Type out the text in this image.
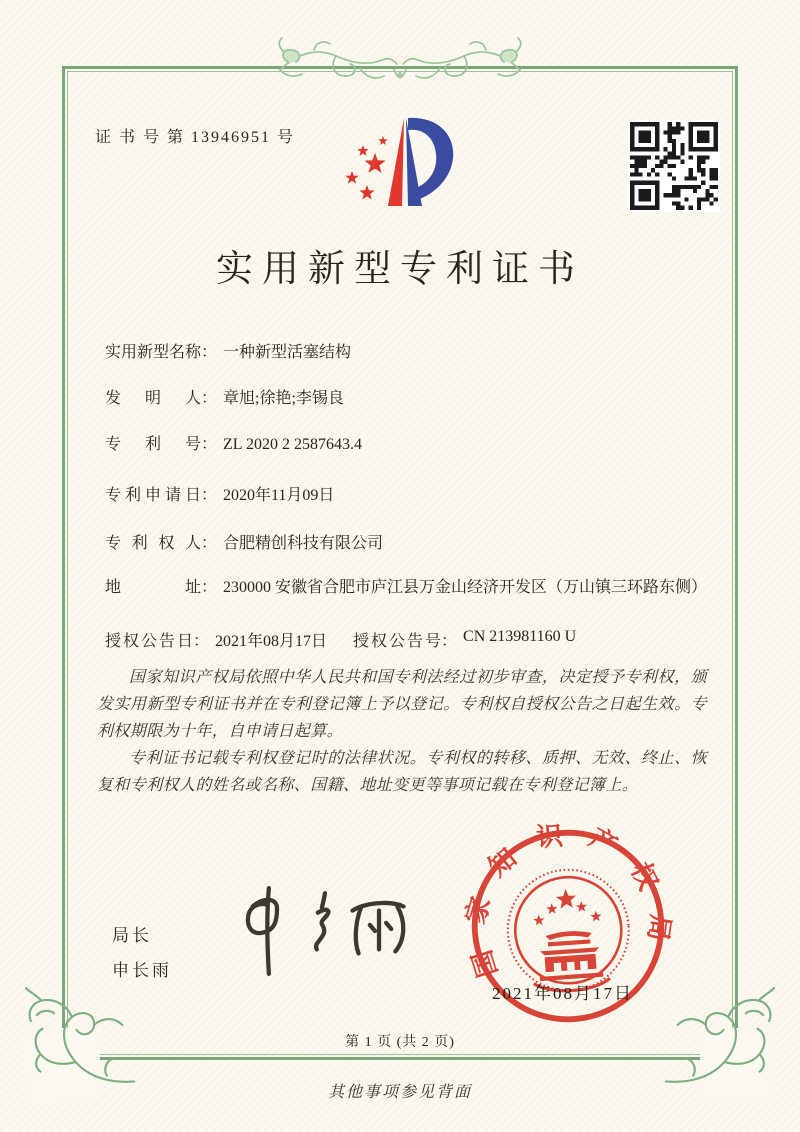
证 书 号 第 13946951 号
实用新型专利证书
实用新型名称 ： 一种新型活塞结构
发明人 ： 章旭;徐艳;李锡良
专利号 ： ZL 2020 2 2587643.4
专利申请日 ： 2020年11月09日
专利权人 ： 合肥精创科技有限公司
地址 ： 230000 安徽省合肥市庐江县万金山经济开发区（万山镇三环路东侧）
授权公告日 ： 2021年08月17日 授权公告号 ： CN 213981160 U

国家知识产权局依照中华人民共和国专利法经过初步审查，决定授予专利权，颁发实用新型专利证书并在专利登记簿上予以登记。专利权自授权公告之日起生效。专利权期限为十年，自申请日起算。

专利证书记载专利权登记时的法律状况。专利权的转移、质押、无效、终止、恢复和专利权人的姓名或名称、国籍、地址变更等事项记载在专利登记簿上。

局长
申长雨	国家知识产权局
2021年08月17日
第 1 页 (共 2 页)
其他事项参见背面
